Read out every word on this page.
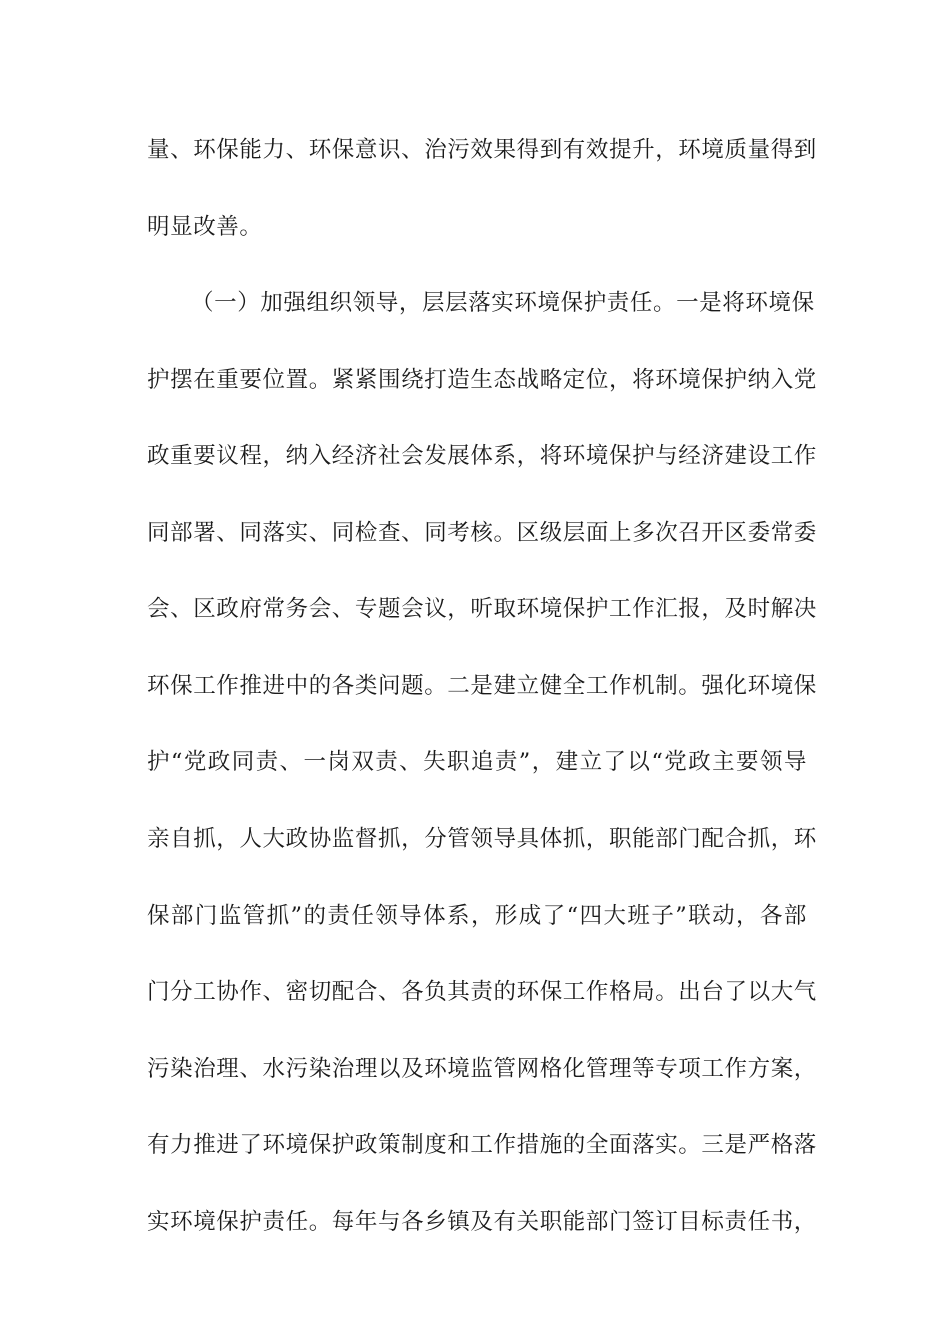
量、环保能力、环保意识、治污效果得到有效提升，环境质量得到
明显改善。
（一）加强组织领导，层层落实环境保护责任。一是将环境保
护摆在重要位置。紧紧围绕打造生态战略定位，将环境保护纳入党
政重要议程，纳入经济社会发展体系，将环境保护与经济建设工作
同部署、同落实、同检查、同考核。区级层面上多次召开区委常委
会、区政府常务会、专题会议，听取环境保护工作汇报，及时解决
环保工作推进中的各类问题。二是建立健全工作机制。强化环境保
护“党政同责、一岗双责、失职追责”，建立了以“党政主要领导
亲自抓，人大政协监督抓，分管领导具体抓，职能部门配合抓，环
保部门监管抓”的责任领导体系，形成了“四大班子”联动，各部
门分工协作、密切配合、各负其责的环保工作格局。出台了以大气
污染治理、水污染治理以及环境监管网格化管理等专项工作方案，
有力推进了环境保护政策制度和工作措施的全面落实。三是严格落
实环境保护责任。每年与各乡镇及有关职能部门签订目标责任书，
